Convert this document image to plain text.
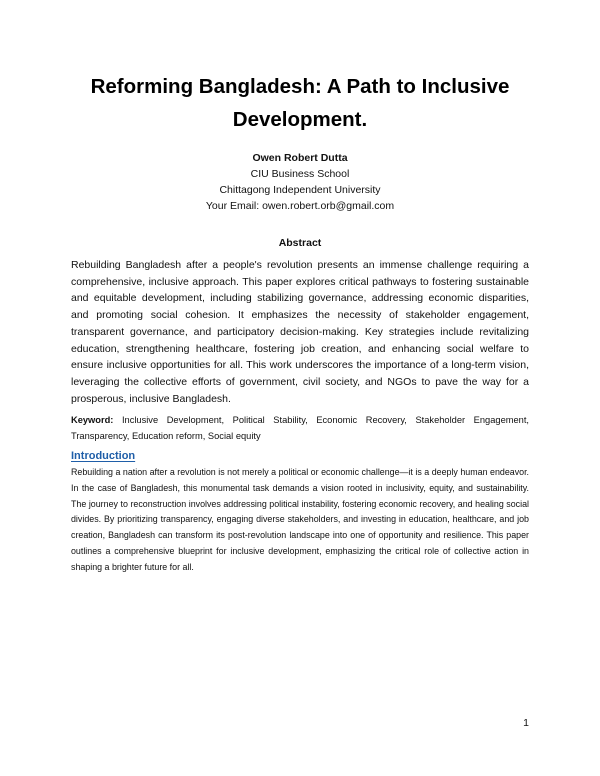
Reforming Bangladesh: A Path to Inclusive
Development.
Owen Robert Dutta
CIU Business School
Chittagong Independent University
Your Email: owen.robert.orb@gmail.com
Abstract
Rebuilding Bangladesh after a people's revolution presents an immense challenge requiring a comprehensive, inclusive approach. This paper explores critical pathways to fostering sustainable and equitable development, including stabilizing governance, addressing economic disparities, and promoting social cohesion. It emphasizes the necessity of stakeholder engagement, transparent governance, and participatory decision-making. Key strategies include revitalizing education, strengthening healthcare, fostering job creation, and enhancing social welfare to ensure inclusive opportunities for all. This work underscores the importance of a long-term vision, leveraging the collective efforts of government, civil society, and NGOs to pave the way for a prosperous, inclusive Bangladesh.
Keyword: Inclusive Development, Political Stability, Economic Recovery, Stakeholder Engagement, Transparency, Education reform, Social equity
Introduction
Rebuilding a nation after a revolution is not merely a political or economic challenge—it is a deeply human endeavor. In the case of Bangladesh, this monumental task demands a vision rooted in inclusivity, equity, and sustainability. The journey to reconstruction involves addressing political instability, fostering economic recovery, and healing social divides. By prioritizing transparency, engaging diverse stakeholders, and investing in education, healthcare, and job creation, Bangladesh can transform its post-revolution landscape into one of opportunity and resilience. This paper outlines a comprehensive blueprint for inclusive development, emphasizing the critical role of collective action in shaping a brighter future for all.
1
